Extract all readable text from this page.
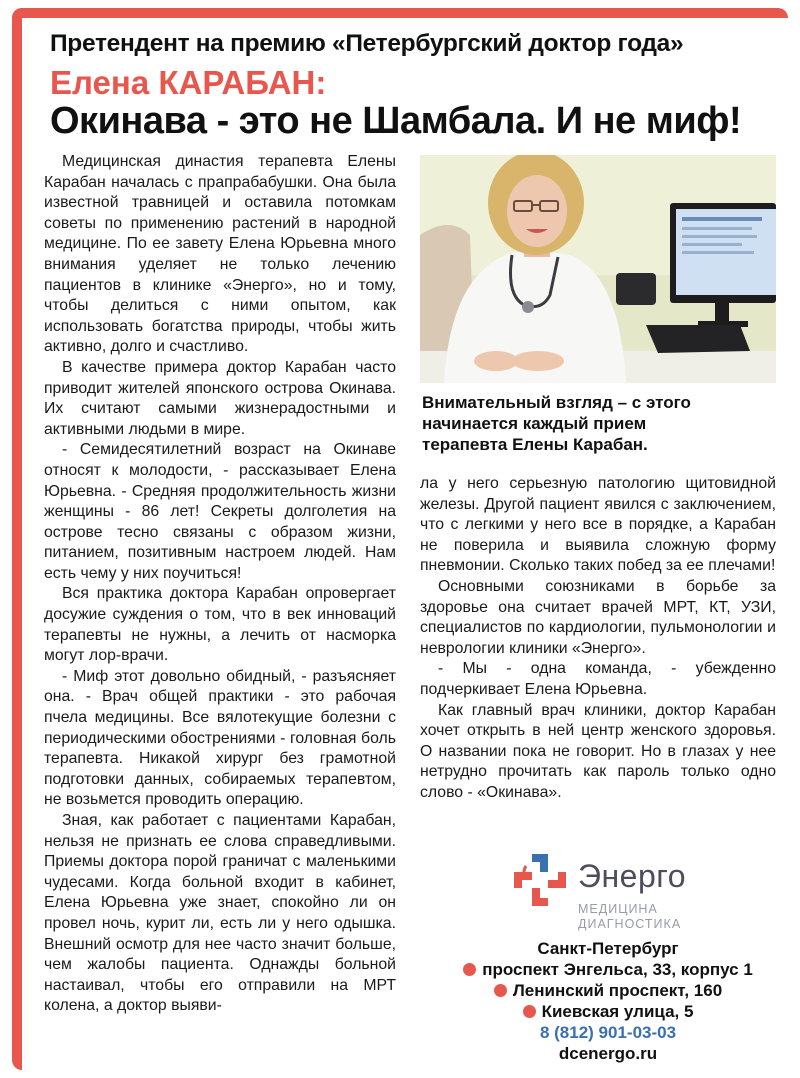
Претендент на премию «Петербургский доктор года»
Елена КАРАБАН:
Окинава - это не Шамбала. И не миф!

Медицинская династия терапевта Елены Карабан началась с прапрабабушки. Она была известной травницей и оставила потомкам советы по применению растений в народной медицине. По ее завету Елена Юрьевна много внимания уделяет не только лечению пациентов в клинике «Энерго», но и тому, чтобы делиться с ними опытом, как использовать богатства природы, чтобы жить активно, долго и счастливо.

В качестве примера доктор Карабан часто приводит жителей японского острова Окинава. Их считают самыми жизнерадостными и активными людьми в мире.

- Семидесятилетний возраст на Окинаве относят к молодости, - рассказывает Елена Юрьевна. - Средняя продолжительность жизни женщины - 86 лет! Секреты долголетия на острове тесно связаны с образом жизни, питанием, позитивным настроем людей. Нам есть чему у них поучиться!

Вся практика доктора Карабан опровергает досужие суждения о том, что в век инноваций терапевты не нужны, а лечить от насморка могут лор-врачи.

- Миф этот довольно обидный, - разъясняет она. - Врач общей практики - это рабочая пчела медицины. Все вялотекущие болезни с периодическими обострениями - головная боль терапевта. Никакой хирург без грамотной подготовки данных, собираемых терапевтом, не возьмется проводить операцию.

Зная, как работает с пациентами Карабан, нельзя не признать ее слова справедливыми. Приемы доктора порой граничат с маленькими чудесами. Когда больной входит в кабинет, Елена Юрьевна уже знает, спокойно ли он провел ночь, курит ли, есть ли у него одышка. Внешний осмотр для нее часто значит больше, чем жалобы пациента. Однажды больной настаивал, чтобы его отправили на МРТ колена, а доктор выяви-

Внимательный взгляд – с этого
начинается каждый прием
терапевта Елены Карабан.

ла у него серьезную патологию щитовидной железы. Другой пациент явился с заключением, что с легкими у него все в порядке, а Карабан не поверила и выявила сложную форму пневмонии. Сколько таких побед за ее плечами!

Основными союзниками в борьбе за здоровье она считает врачей МРТ, КТ, УЗИ, специалистов по кардиологии, пульмонологии и неврологии клиники «Энерго».

- Мы - одна команда, - убежденно подчеркивает Елена Юрьевна.

Как главный врач клиники, доктор Карабан хочет открыть в ней центр женского здоровья. О названии пока не говорит. Но в глазах у нее нетрудно прочитать как пароль только одно слово - «Окинава».

Энерго
МЕДИЦИНА
ДИАГНОСТИКА
Санкт-Петербург
проспект Энгельса, 33, корпус 1
Ленинский проспект, 160
Киевская улица, 5
8 (812) 901-03-03
dcenergo.ru
